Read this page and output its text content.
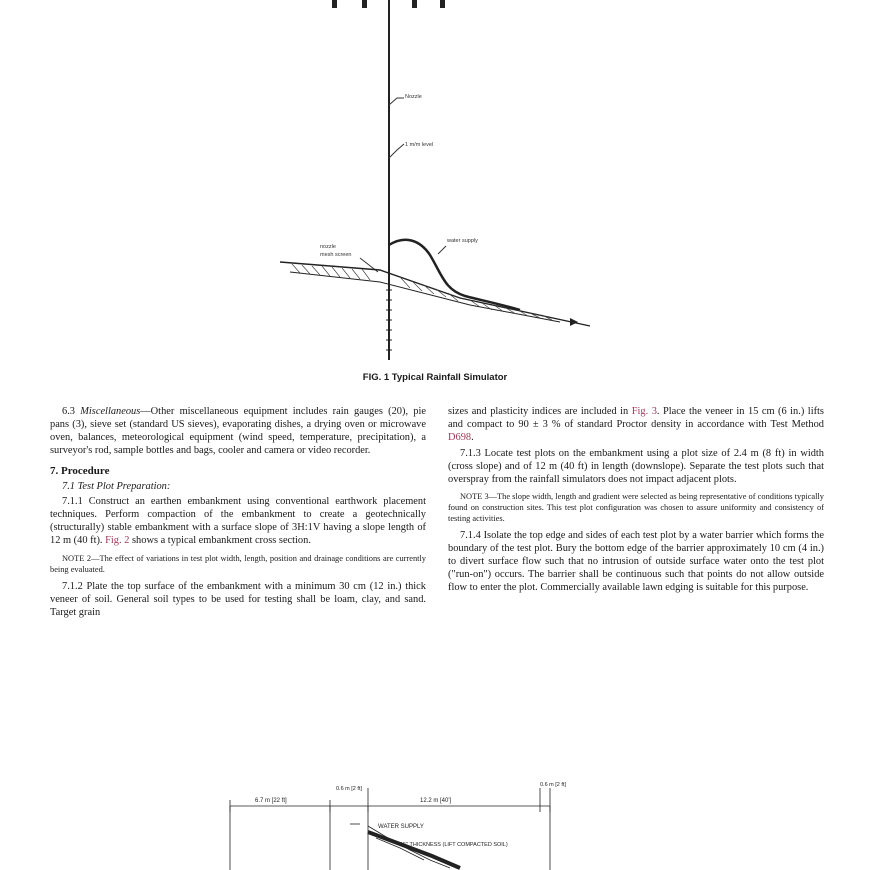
Nozzle
1 m/m level
water supply
nozzle
mesh screen
FIG. 1 Typical Rainfall Simulator

6.3 Miscellaneous—Other miscellaneous equipment includes rain gauges (20), pie pans (3), sieve set (standard US sieves), evaporating dishes, a drying oven or microwave oven, balances, meteorological equipment (wind speed, temperature, precipitation), a surveyor's rod, sample bottles and bags, cooler and camera or video recorder.

7. Procedure

7.1 Test Plot Preparation:

7.1.1 Construct an earthen embankment using conventional earthwork placement techniques. Perform compaction of the embankment to create a geotechnically (structurally) stable embankment with a surface slope of 3H:1V having a slope length of 12 m (40 ft). Fig. 2 shows a typical embankment cross section.

NOTE 2—The effect of variations in test plot width, length, position and drainage conditions are currently being evaluated.

7.1.2 Plate the top surface of the embankment with a minimum 30 cm (12 in.) thick veneer of soil. General soil types to be used for testing shall be loam, clay, and sand. Target grain

sizes and plasticity indices are included in Fig. 3. Place the veneer in 15 cm (6 in.) lifts and compact to 90 ± 3 % of standard Proctor density in accordance with Test Method D698.

7.1.3 Locate test plots on the embankment using a plot size of 2.4 m (8 ft) in width (cross slope) and of 12 m (40 ft) in length (downslope). Separate the test plots such that overspray from the rainfall simulators does not impact adjacent plots.

NOTE 3—The slope width, length and gradient were selected as being representative of conditions typically found on construction sites. This test plot configuration was chosen to assure uniformity and consistency of testing activities.

7.1.4 Isolate the top edge and sides of each test plot by a water barrier which forms the boundary of the test plot. Bury the bottom edge of the barrier approximately 10 cm (4 in.) to divert surface flow such that no intrusion of outside surface water onto the test plot ("run-on") occurs. The barrier shall be continuous such that points do not allow outside flow to enter the plot. Commercially available lawn edging is suitable for this purpose.

6.7 m [22 ft]
0.6 m [2 ft]
12.2 m [40']
0.6 m [2 ft]
WATER SUPPLY
15" THICKNESS (LIFT COMPACTED SOIL)
